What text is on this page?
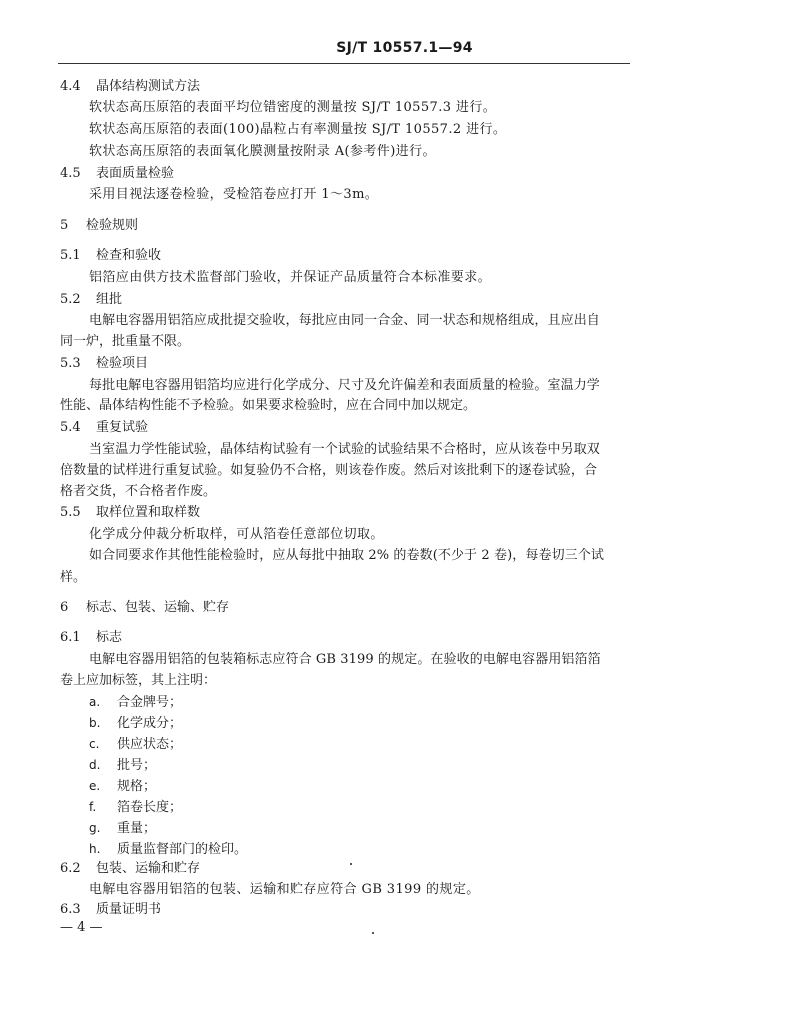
SJ/T 10557.1—94
4.4 晶体结构测试方法
软状态高压原箔的表面平均位错密度的测量按 SJ/T 10557.3 进行。
软状态高压原箔的表面(100)晶粒占有率测量按 SJ/T 10557.2 进行。
软状态高压原箔的表面氧化膜测量按附录 A(参考件)进行。
4.5 表面质量检验
采用目视法逐卷检验，受检箔卷应打开 1～3m。
5 检验规则
5.1 检查和验收
铝箔应由供方技术监督部门验收，并保证产品质量符合本标准要求。
5.2 组批
电解电容器用铝箔应成批提交验收，每批应由同一合金、同一状态和规格组成，且应出自
同一炉，批重量不限。
5.3 检验项目
每批电解电容器用铝箔均应进行化学成分、尺寸及允许偏差和表面质量的检验。室温力学
性能、晶体结构性能不予检验。如果要求检验时，应在合同中加以规定。
5.4 重复试验
当室温力学性能试验，晶体结构试验有一个试验的试验结果不合格时，应从该卷中另取双
倍数量的试样进行重复试验。如复验仍不合格，则该卷作废。然后对该批剩下的逐卷试验，合
格者交货，不合格者作废。
5.5 取样位置和取样数
化学成分仲裁分析取样，可从箔卷任意部位切取。
如合同要求作其他性能检验时，应从每批中抽取 2% 的卷数(不少于 2 卷)，每卷切三个试
样。
6 标志、包装、运输、贮存
6.1 标志
电解电容器用铝箔的包装箱标志应符合 GB 3199 的规定。在验收的电解电容器用铝箔箔
卷上应加标签，其上注明：
a. 合金牌号；
b. 化学成分；
c. 供应状态；
d. 批号；
e. 规格；
f. 箔卷长度；
g. 重量；
h. 质量监督部门的检印。
6.2 包装、运输和贮存
电解电容器用铝箔的包装、运输和贮存应符合 GB 3199 的规定。
6.3 质量证明书
— 4 —
